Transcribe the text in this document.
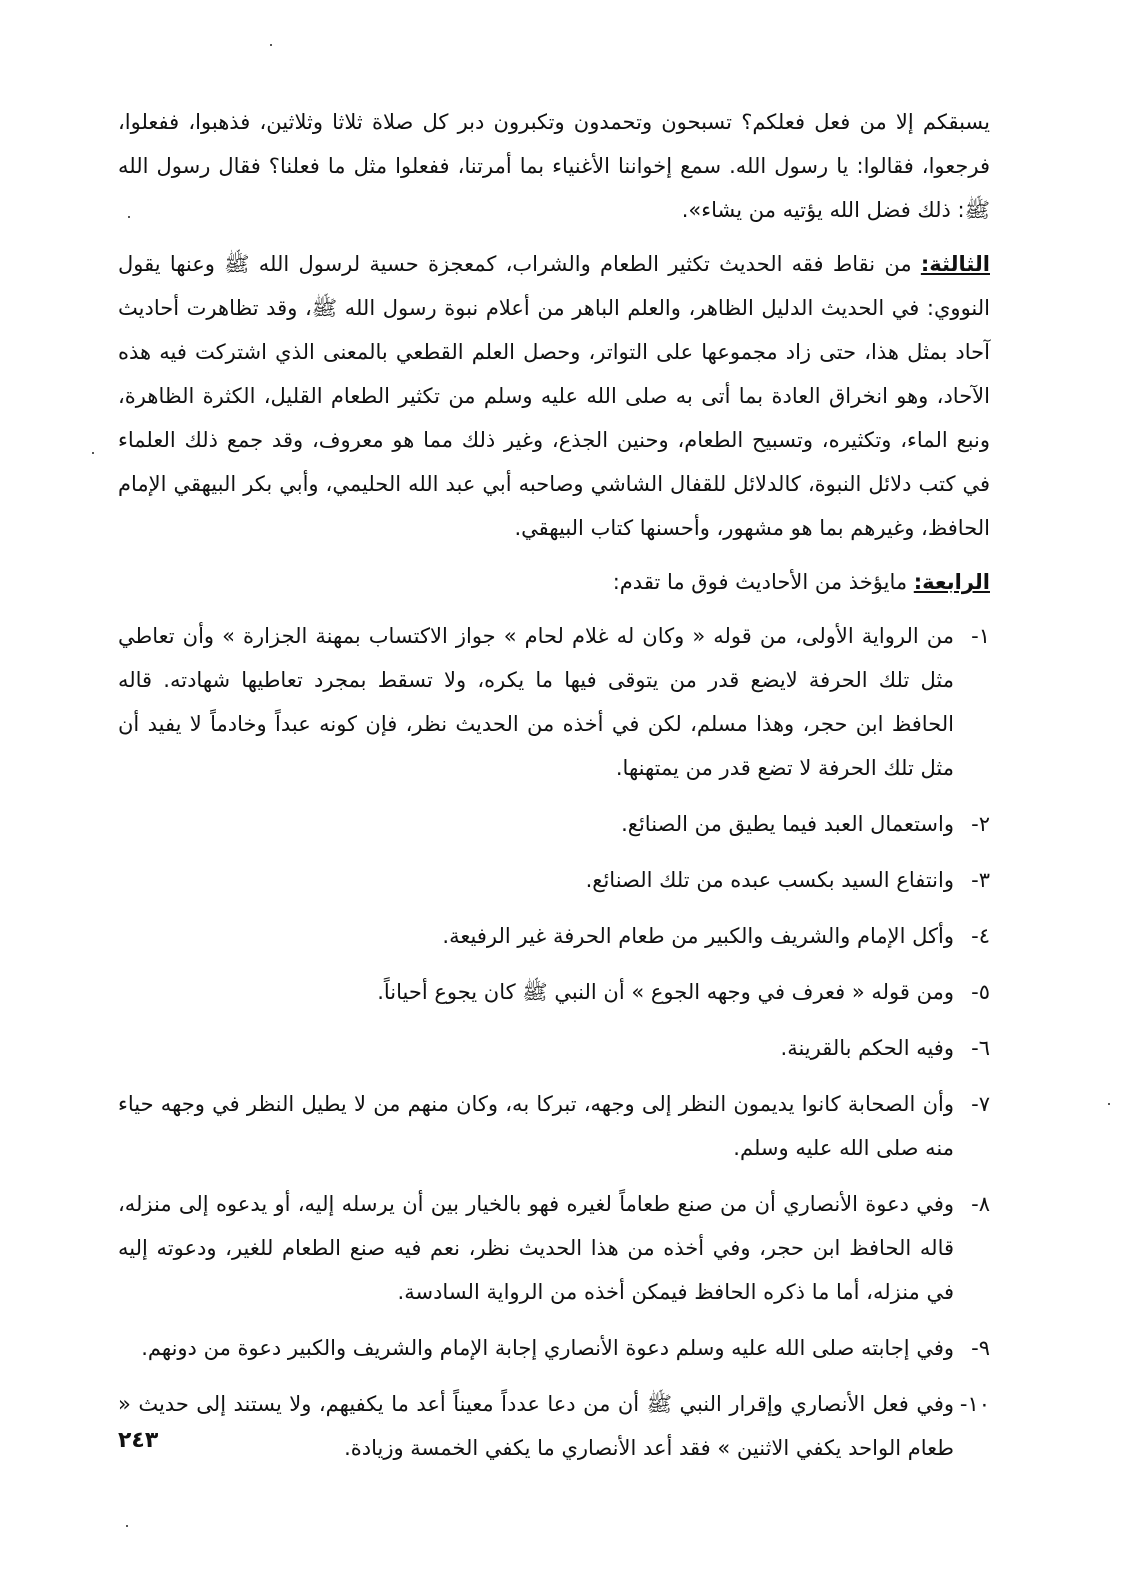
يسبقكم إلا من فعل فعلكم؟ تسبحون وتحمدون وتكبرون دبر كل صلاة ثلاثا وثلاثين، فذهبوا، ففعلوا، فرجعوا، فقالوا: يا رسول الله. سمع إخواننا الأغنياء بما أمرتنا، ففعلوا مثل ما فعلنا؟ فقال رسول الله ﷺ: ذلك فضل الله يؤتيه من يشاء».

الثالثة: من نقاط فقه الحديث تكثير الطعام والشراب، كمعجزة حسية لرسول الله ﷺ وعنها يقول النووي: في الحديث الدليل الظاهر، والعلم الباهر من أعلام نبوة رسول الله ﷺ، وقد تظاهرت أحاديث آحاد بمثل هذا، حتى زاد مجموعها على التواتر، وحصل العلم القطعي بالمعنى الذي اشتركت فيه هذه الآحاد، وهو انخراق العادة بما أتى به صلى الله عليه وسلم من تكثير الطعام القليل، الكثرة الظاهرة، ونبع الماء، وتكثيره، وتسبيح الطعام، وحنين الجذع، وغير ذلك مما هو معروف، وقد جمع ذلك العلماء في كتب دلائل النبوة، كالدلائل للقفال الشاشي وصاحبه أبي عبد الله الحليمي، وأبي بكر البيهقي الإمام الحافظ، وغيرهم بما هو مشهور، وأحسنها كتاب البيهقي.

الرابعة: مايؤخذ من الأحاديث فوق ما تقدم:

١-
من الرواية الأولى، من قوله « وكان له غلام لحام » جواز الاكتساب بمهنة الجزارة » وأن تعاطي مثل تلك الحرفة لايضع قدر من يتوقى فيها ما يكره، ولا تسقط بمجرد تعاطيها شهادته. قاله الحافظ ابن حجر، وهذا مسلم، لكن في أخذه من الحديث نظر، فإن كونه عبداً وخادماً لا يفيد أن مثل تلك الحرفة لا تضع قدر من يمتهنها.
٢-
واستعمال العبد فيما يطيق من الصنائع.
٣-
وانتفاع السيد بكسب عبده من تلك الصنائع.
٤-
وأكل الإمام والشريف والكبير من طعام الحرفة غير الرفيعة.
٥-
ومن قوله « فعرف في وجهه الجوع » أن النبي ﷺ كان يجوع أحياناً.
٦-
وفيه الحكم بالقرينة.
٧-
وأن الصحابة كانوا يديمون النظر إلى وجهه، تبركا به، وكان منهم من لا يطيل النظر في وجهه حياء منه صلى الله عليه وسلم.
٨-
وفي دعوة الأنصاري أن من صنع طعاماً لغيره فهو بالخيار بين أن يرسله إليه، أو يدعوه إلى منزله، قاله الحافظ ابن حجر، وفي أخذه من هذا الحديث نظر، نعم فيه صنع الطعام للغير، ودعوته إليه في منزله، أما ما ذكره الحافظ فيمكن أخذه من الرواية السادسة.
٩-
وفي إجابته صلى الله عليه وسلم دعوة الأنصاري إجابة الإمام والشريف والكبير دعوة من دونهم.
١٠-
وفي فعل الأنصاري وإقرار النبي ﷺ أن من دعا عدداً معيناً أعد ما يكفيهم، ولا يستند إلى حديث « طعام الواحد يكفي الاثنين » فقد أعد الأنصاري ما يكفي الخمسة وزيادة.
٢٤٣
